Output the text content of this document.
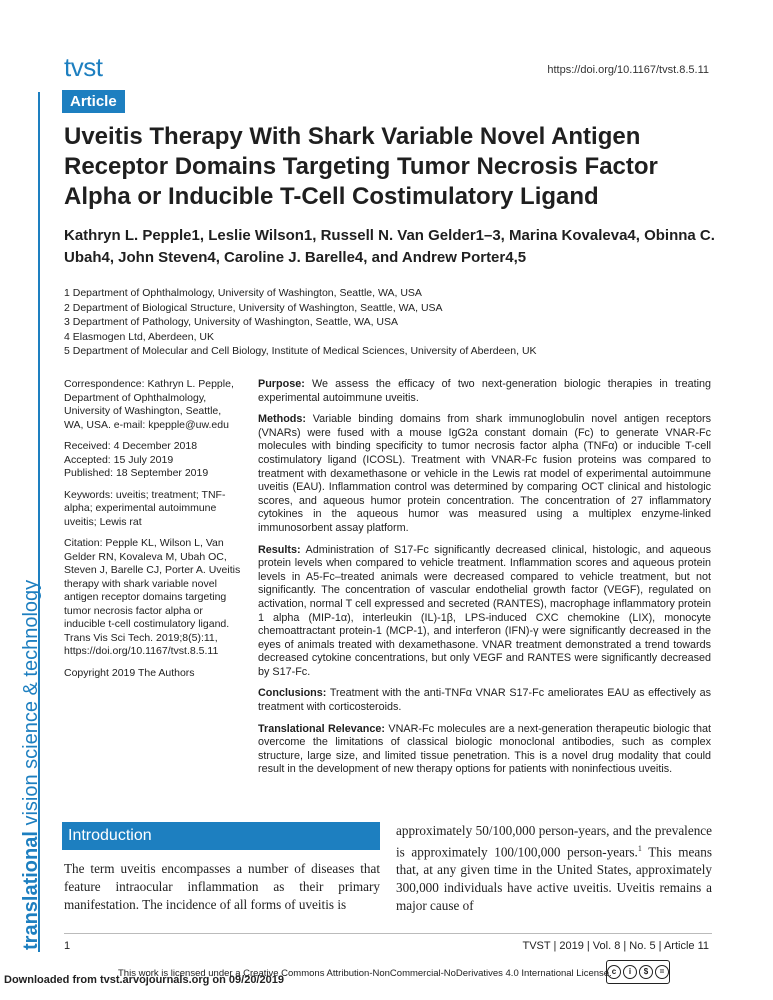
tvst	https://doi.org/10.1167/tvst.8.5.11
translational vision science & technology
Article
Uveitis Therapy With Shark Variable Novel Antigen Receptor Domains Targeting Tumor Necrosis Factor Alpha or Inducible T-Cell Costimulatory Ligand
Kathryn L. Pepple1, Leslie Wilson1, Russell N. Van Gelder1–3, Marina Kovaleva4, Obinna C. Ubah4, John Steven4, Caroline J. Barelle4, and Andrew Porter4,5
1 Department of Ophthalmology, University of Washington, Seattle, WA, USA
2 Department of Biological Structure, University of Washington, Seattle, WA, USA
3 Department of Pathology, University of Washington, Seattle, WA, USA
4 Elasmogen Ltd, Aberdeen, UK
5 Department of Molecular and Cell Biology, Institute of Medical Sciences, University of Aberdeen, UK

Correspondence: Kathryn L. Pepple, Department of Ophthalmology, University of Washington, Seattle, WA, USA. e-mail: kpepple@uw.edu

Received: 4 December 2018
Accepted: 15 July 2019
Published: 18 September 2019

Keywords: uveitis; treatment; TNF-alpha; experimental autoimmune uveitis; Lewis rat

Citation: Pepple KL, Wilson L, Van Gelder RN, Kovaleva M, Ubah OC, Steven J, Barelle CJ, Porter A. Uveitis therapy with shark variable novel antigen receptor domains targeting tumor necrosis factor alpha or inducible t-cell costimulatory ligand. Trans Vis Sci Tech. 2019;8(5):11, https://doi.org/10.1167/tvst.8.5.11

Copyright 2019 The Authors

Purpose: We assess the efficacy of two next-generation biologic therapies in treating experimental autoimmune uveitis.

Methods: Variable binding domains from shark immunoglobulin novel antigen receptors (VNARs) were fused with a mouse IgG2a constant domain (Fc) to generate VNAR-Fc molecules with binding specificity to tumor necrosis factor alpha (TNFα) or inducible T-cell costimulatory ligand (ICOSL). Treatment with VNAR-Fc fusion proteins was compared to treatment with dexamethasone or vehicle in the Lewis rat model of experimental autoimmune uveitis (EAU). Inflammation control was determined by comparing OCT clinical and histologic scores, and aqueous humor protein concentration. The concentration of 27 inflammatory cytokines in the aqueous humor was measured using a multiplex enzyme-linked immunosorbent assay platform.

Results: Administration of S17-Fc significantly decreased clinical, histologic, and aqueous protein levels when compared to vehicle treatment. Inflammation scores and aqueous protein levels in A5-Fc–treated animals were decreased compared to vehicle treatment, but not significantly. The concentration of vascular endothelial growth factor (VEGF), regulated on activation, normal T cell expressed and secreted (RANTES), macrophage inflammatory protein 1 alpha (MIP-1α), interleukin (IL)-1β, LPS-induced CXC chemokine (LIX), monocyte chemoattractant protein-1 (MCP-1), and interferon (IFN)-γ were significantly decreased in the eyes of animals treated with dexamethasone. VNAR treatment demonstrated a trend towards decreased cytokine concentrations, but only VEGF and RANTES were significantly decreased by S17-Fc.

Conclusions: Treatment with the anti-TNFα VNAR S17-Fc ameliorates EAU as effectively as treatment with corticosteroids.

Translational Relevance: VNAR-Fc molecules are a next-generation therapeutic biologic that overcome the limitations of classical biologic monoclonal antibodies, such as complex structure, large size, and limited tissue penetration. This is a novel drug modality that could result in the development of new therapy options for patients with noninfectious uveitis.

Introduction
The term uveitis encompasses a number of diseases that feature intraocular inflammation as their primary manifestation. The incidence of all forms of uveitis is
approximately 50/100,000 person-years, and the prevalence is approximately 100/100,000 person-years.$^1$ This means that, at any given time in the United States, approximately 300,000 individuals have active uveitis. Uveitis remains a major cause of
1	TVST | 2019 | Vol. 8 | No. 5 | Article 11
This work is licensed under a Creative Commons Attribution-NonCommercial-NoDerivatives 4.0 International License. c	i	$	=
Downloaded from tvst.arvojournals.org on 09/20/2019
